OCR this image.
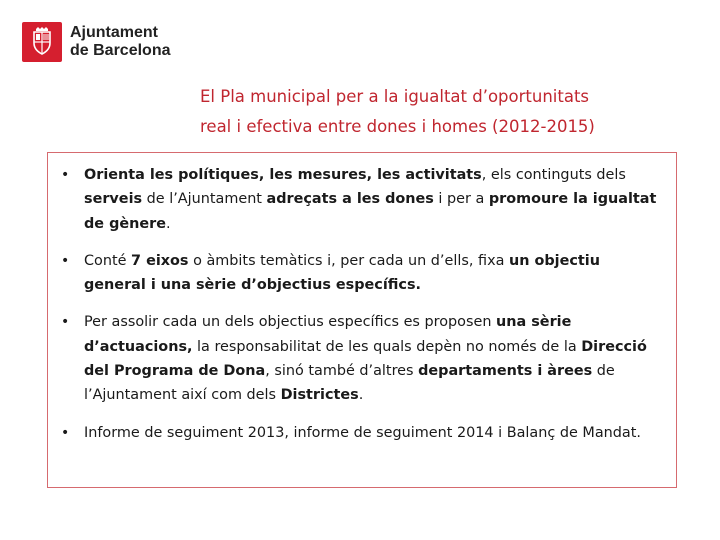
Ajuntament
de Barcelona
El Pla municipal per a la igualtat d’oportunitats
real i efectiva entre dones i homes (2012-2015)
• Orienta les polítiques, les mesures, les activitats, els continguts dels serveis de l’Ajuntament adreçats a les dones i per a promoure la igualtat de gènere.
• Conté 7 eixos o àmbits temàtics i, per cada un d’ells, fixa un objectiu general i una sèrie d’objectius específics.
• Per assolir cada un dels objectius específics es proposen una sèrie d’actuacions, la responsabilitat de les quals depèn no només de la Direcció del Programa de Dona, sinó també d’altres departaments i àrees de l’Ajuntament així com dels Districtes.
• Informe de seguiment 2013, informe de seguiment 2014 i Balanç de Mandat.
